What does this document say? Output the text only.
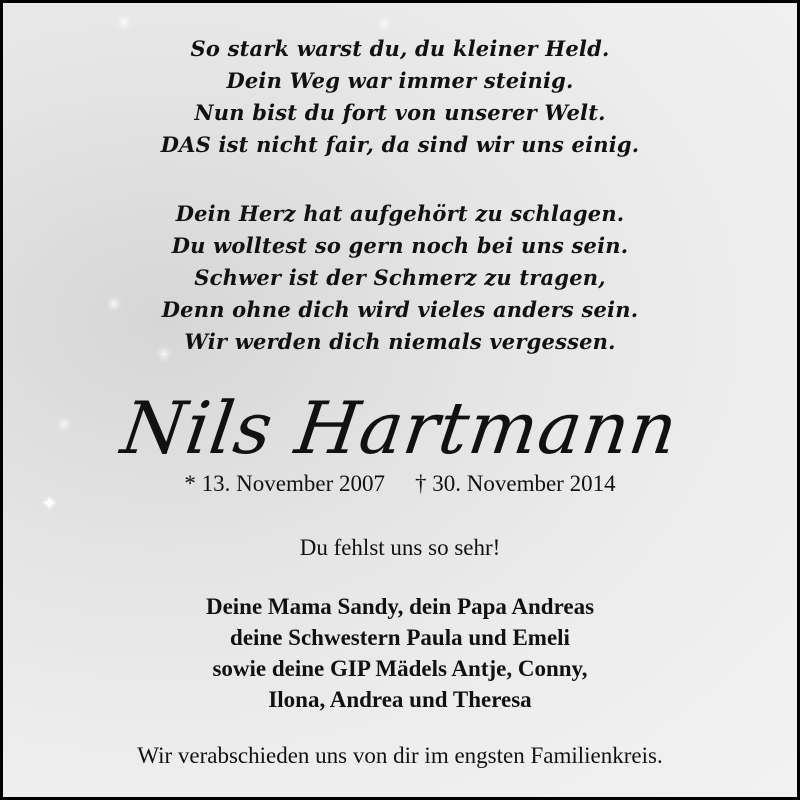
✦
So stark warst du, du kleiner Held.
Dein Weg war immer steinig.
Nun bist du fort von unserer Welt.
DAS ist nicht fair, da sind wir uns einig.
Dein Herz hat aufgehört zu schlagen.
Du wolltest so gern noch bei uns sein.
Schwer ist der Schmerz zu tragen,
Denn ohne dich wird vieles anders sein.
Wir werden dich niemals vergessen.
Nils Hartmann
* 13. November 2007 † 30. November 2014
Du fehlst uns so sehr!
Deine Mama Sandy, dein Papa Andreas
deine Schwestern Paula und Emeli
sowie deine GIP Mädels Antje, Conny,
Ilona, Andrea und Theresa
Wir verabschieden uns von dir im engsten Familienkreis.
